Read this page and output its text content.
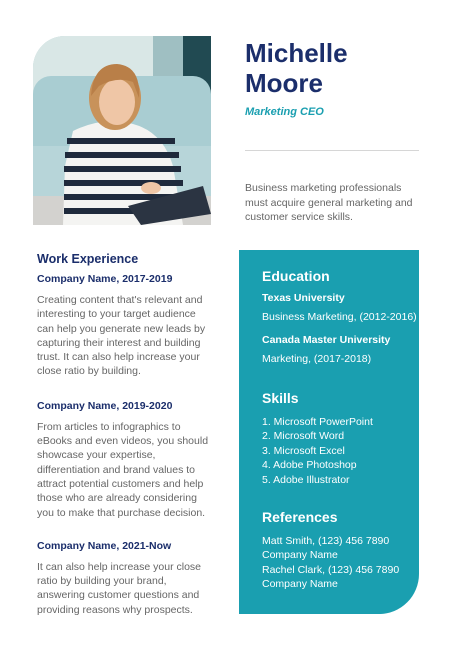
Michelle
Moore
Marketing CEO
Business marketing professionals must acquire general marketing and customer service skills.
Work Experience
Company Name, 2017-2019
Creating content that's relevant and interesting to your target audience can help you generate new leads by capturing their interest and building trust. It can also help increase your close ratio by building.
Company Name, 2019-2020
From articles to infographics to eBooks and even videos, you should showcase your expertise, differentiation and brand values to attract potential customers and help those who are already considering you to make that purchase decision.
Company Name, 2021-Now
It can also help increase your close ratio by building your brand, answering customer questions and providing reasons why prospects.
Education
Texas University
Business Marketing, (2012-2016)
Canada Master University
Marketing, (2017-2018)
Skills
1. Microsoft PowerPoint
2. Microsoft Word
3. Microsoft Excel
4. Adobe Photoshop
5. Adobe Illustrator
References
Matt Smith, (123) 456 7890
Company Name
Rachel Clark, (123) 456 7890
Company Name
